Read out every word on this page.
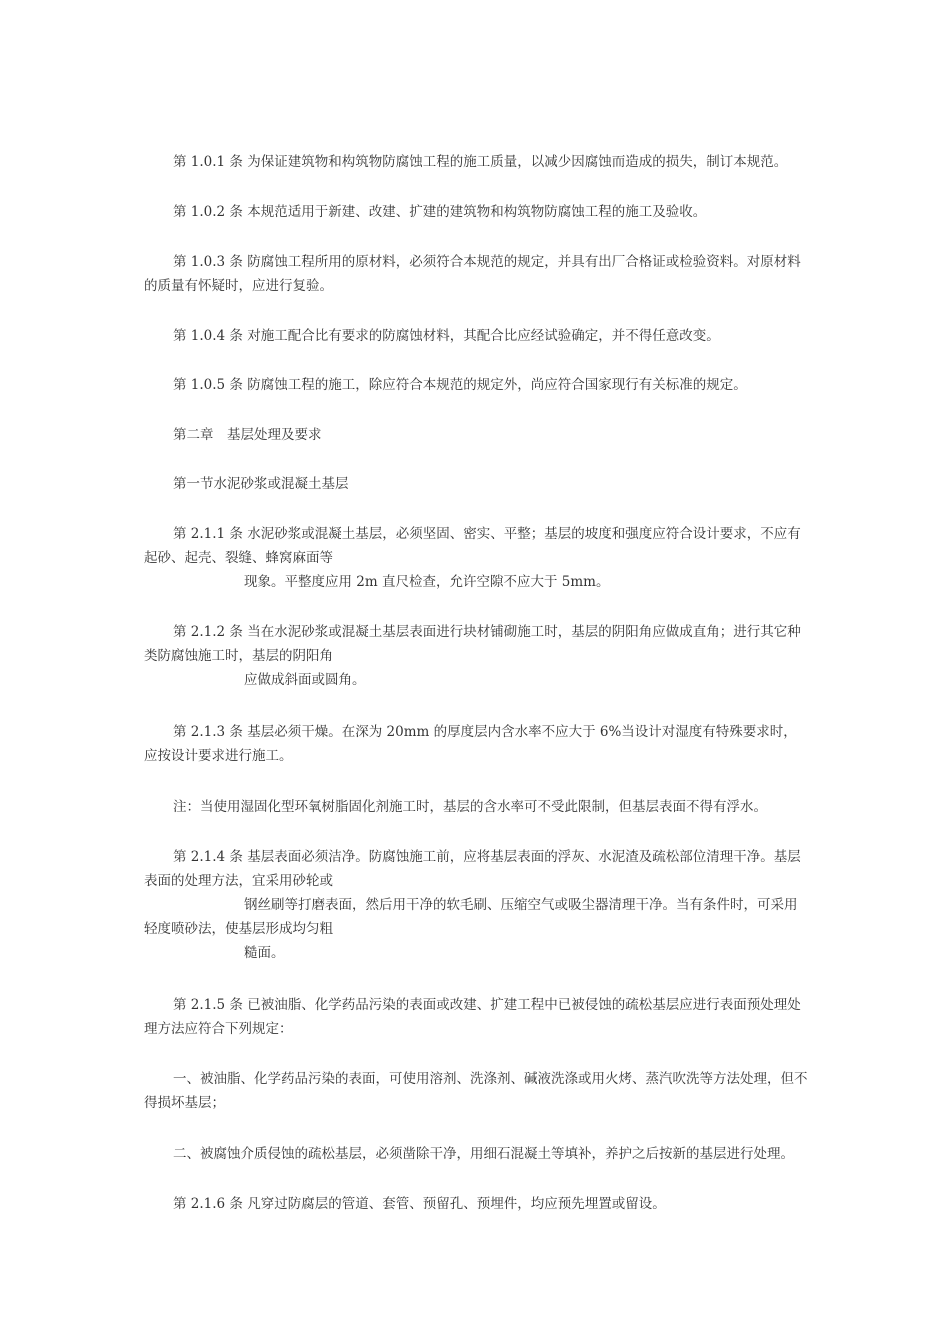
第 1.0.1 条 为保证建筑物和构筑物防腐蚀工程的施工质量，以减少因腐蚀而造成的损失，制订本规范。

第 1.0.2 条 本规范适用于新建、改建、扩建的建筑物和构筑物防腐蚀工程的施工及验收。

第 1.0.3 条 防腐蚀工程所用的原材料，必须符合本规范的规定，并具有出厂合格证或检验资料。对原材料的质量有怀疑时，应进行复验。

第 1.0.4 条 对施工配合比有要求的防腐蚀材料，其配合比应经试验确定，并不得任意改变。

第 1.0.5 条 防腐蚀工程的施工，除应符合本规范的规定外，尚应符合国家现行有关标准的规定。

第二章　基层处理及要求

第一节水泥砂浆或混凝土基层

第 2.1.1 条 水泥砂浆或混凝土基层，必须坚固、密实、平整；基层的坡度和强度应符合设计要求，不应有起砂、起壳、裂缝、蜂窝麻面等
现象。平整度应用 2m 直尺检查，允许空隙不应大于 5mm。
第 2.1.2 条 当在水泥砂浆或混凝土基层表面进行块材铺砌施工时，基层的阴阳角应做成直角；进行其它种类防腐蚀施工时，基层的阴阳角
应做成斜面或圆角。

第 2.1.3 条 基层必须干燥。在深为 20mm 的厚度层内含水率不应大于 6%当设计对湿度有特殊要求时，应按设计要求进行施工。

注：当使用湿固化型环氧树脂固化剂施工时，基层的含水率可不受此限制，但基层表面不得有浮水。

第 2.1.4 条 基层表面必须洁净。防腐蚀施工前，应将基层表面的浮灰、水泥渣及疏松部位清理干净。基层表面的处理方法，宜采用砂轮或
钢丝刷等打磨表面，然后用干净的软毛刷、压缩空气或吸尘器清理干净。当有条件时，可采用轻度喷砂法，使基层形成均匀粗
糙面。

第 2.1.5 条 已被油脂、化学药品污染的表面或改建、扩建工程中已被侵蚀的疏松基层应进行表面预处理处理方法应符合下列规定：

一、被油脂、化学药品污染的表面，可使用溶剂、洗涤剂、碱液洗涤或用火烤、蒸汽吹洗等方法处理，但不得损坏基层；

二、被腐蚀介质侵蚀的疏松基层，必须凿除干净，用细石混凝土等填补，养护之后按新的基层进行处理。

第 2.1.6 条 凡穿过防腐层的管道、套管、预留孔、预埋件，均应预先埋置或留设。
